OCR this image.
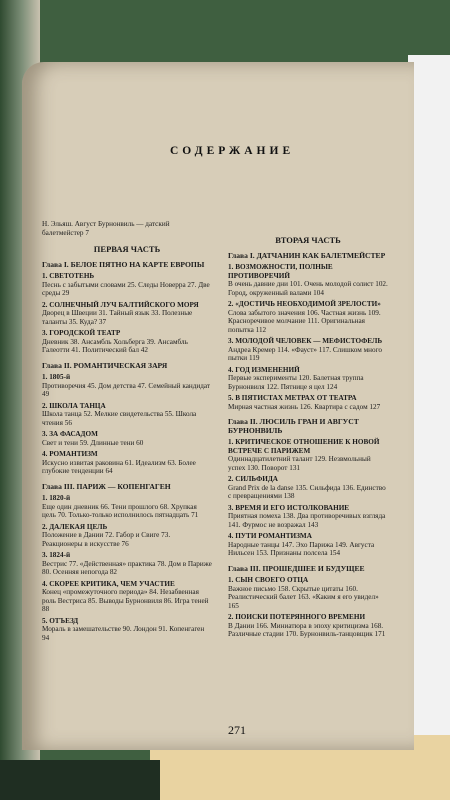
СОДЕРЖАНИЕ
Н. Эльяш. Август Бурнонвиль — датский балетмейстер 7
ПЕРВАЯ ЧАСТЬ
Глава I. БЕЛОЕ ПЯТНО НА КАРТЕ ЕВРОПЫ
1. СВЕТОТЕНЬ
Песнь с забытыми словами 25. Следы Новерра 27. Две среды 29
2. СОЛНЕЧНЫЙ ЛУЧ БАЛТИЙСКОГО МОРЯ
Дворец в Швеции 31. Тайный язык 33. Полезные таланты 35. Куда? 37
3. ГОРОДСКОЙ ТЕАТР
Дневник 38. Ансамбль Хольберга 39. Ансамбль Галеотти 41. Политический бал 42
Глава II. РОМАНТИЧЕСКАЯ ЗАРЯ
1. 1805-й
Противоречия 45. Дом детства 47. Семейный кандидат 49
2. ШКОЛА ТАНЦА
Школа танца 52. Мелкие свидетельства 55. Школа чтения 56
3. ЗА ФАСАДОМ
Свет и тени 59. Длинные тени 60
4. РОМАНТИЗМ
Искусно извитая раковина 61. Идеализм 63. Более глубокие тенденции 64
Глава III. ПАРИЖ — КОПЕНГАГЕН
1. 1820-й
Еще один дневник 66. Тени прошлого 68. Хрупкая цель 70. Только-только исполнилось пятнадцать 71
2. ДАЛЕКАЯ ЦЕЛЬ
Положение в Дании 72. Габор и Свиге 73. Реакционеры в искусстве 76
3. 1824-й
Вестрис 77. «Действенная» практика 78. Дом в Париже 80. Осенняя непогода 82
4. СКОРЕЕ КРИТИКА, ЧЕМ УЧАСТИЕ
Конец «промежуточного периода» 84. Незабвенная роль Вестриса 85. Выводы Бурнонвиля 86. Игра теней 88
5. ОТЪЕЗД
Мораль в замешательстве 90. Лондон 91. Копенгаген 94
ВТОРАЯ ЧАСТЬ
Глава I. ДАТЧАНИН КАК БАЛЕТМЕЙСТЕР
1. ВОЗМОЖНОСТИ, ПОЛНЫЕ ПРОТИВОРЕЧИЙ
В очень давние дни 101. Очень молодой солист 102. Город, окруженный валами 104
2. «ДОСТИЧЬ НЕОБХОДИМОЙ ЗРЕЛОСТИ»
Слова забытого значения 106. Частная жизнь 109. Красноречивое молчание 111. Оригинальная попытка 112
3. МОЛОДОЙ ЧЕЛОВЕК — МЕФИСТОФЕЛЬ
Андреа Кремер 114. «Фауст» 117. Слишком много пытки 119
4. ГОД ИЗМЕНЕНИЙ
Первые эксперименты 120. Балетная труппа Бурнонвиля 122. Пятнице я цел 124
5. В ПЯТИСТАХ МЕТРАХ ОТ ТЕАТРА
Мирная частная жизнь 126. Квартира с садом 127
Глава II. ЛЮСИЛЬ ГРАН И АВГУСТ БУРНОНВИЛЬ
1. КРИТИЧЕСКОЕ ОТНОШЕНИЕ К НОВОЙ ВСТРЕЧЕ С ПАРИЖЕМ
Одиннадцатилетний талант 129. Незвмольный успех 130. Поворот 131
2. СИЛЬФИДА
Grand Prix de la danse 135. Сильфида 136. Единство с превращениями 138
3. ВРЕМЯ И ЕГО ИСТОЛКОВАНИЕ
Приятная помеха 138. Два противоречивых взгляда 141. Фурмос не возражал 143
4. ПУТИ РОМАНТИЗМА
Народные танцы 147. Эхо Парижа 149. Августа Нильсен 153. Признаны полсела 154
Глава III. ПРОШЕДШЕЕ И БУДУЩЕЕ
1. СЫН СВОЕГО ОТЦА
Важное письмо 158. Скрытые цитаты 160. Реалистический балет 163. «Каким я его увидел» 165
2. ПОИСКИ ПОТЕРЯННОГО ВРЕМЕНИ
В Дании 166. Миниатюра в эпоху критицизма 168. Различные стадии 170. Бурнонвиль-танцовщик 171
271
